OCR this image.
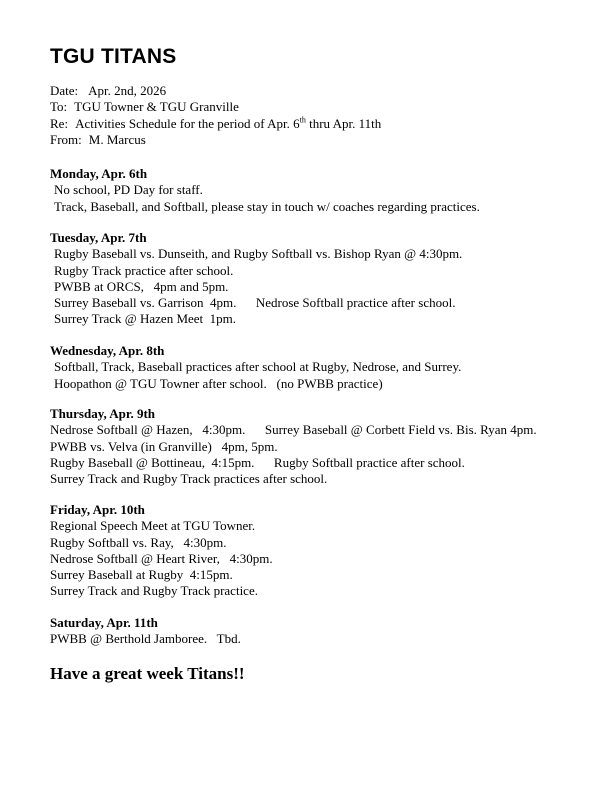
TGU TITANS
Date: Apr. 2nd, 2026
To: TGU Towner & TGU Granville
Re: Activities Schedule for the period of Apr. 6th thru Apr. 11th
From: M. Marcus
Monday, Apr. 6th
No school, PD Day for staff.
Track, Baseball, and Softball, please stay in touch w/ coaches regarding practices.
Tuesday, Apr. 7th
Rugby Baseball vs. Dunseith, and Rugby Softball vs. Bishop Ryan @ 4:30pm.
Rugby Track practice after school.
PWBB at ORCS,   4pm and 5pm.
Surrey Baseball vs. Garrison  4pm.      Nedrose Softball practice after school.
Surrey Track @ Hazen Meet  1pm.
Wednesday, Apr. 8th
Softball, Track, Baseball practices after school at Rugby, Nedrose, and Surrey.
Hoopathon @ TGU Towner after school.   (no PWBB practice)
Thursday, Apr. 9th
Nedrose Softball @ Hazen,   4:30pm.      Surrey Baseball @ Corbett Field vs. Bis. Ryan 4pm.
PWBB vs. Velva (in Granville)   4pm, 5pm.
Rugby Baseball @ Bottineau,  4:15pm.      Rugby Softball practice after school.
Surrey Track and Rugby Track practices after school.
Friday, Apr. 10th
Regional Speech Meet at TGU Towner.
Rugby Softball vs. Ray,   4:30pm.
Nedrose Softball @ Heart River,   4:30pm.
Surrey Baseball at Rugby  4:15pm.
Surrey Track and Rugby Track practice.
Saturday, Apr. 11th
PWBB @ Berthold Jamboree.   Tbd.
Have a great week Titans!!
